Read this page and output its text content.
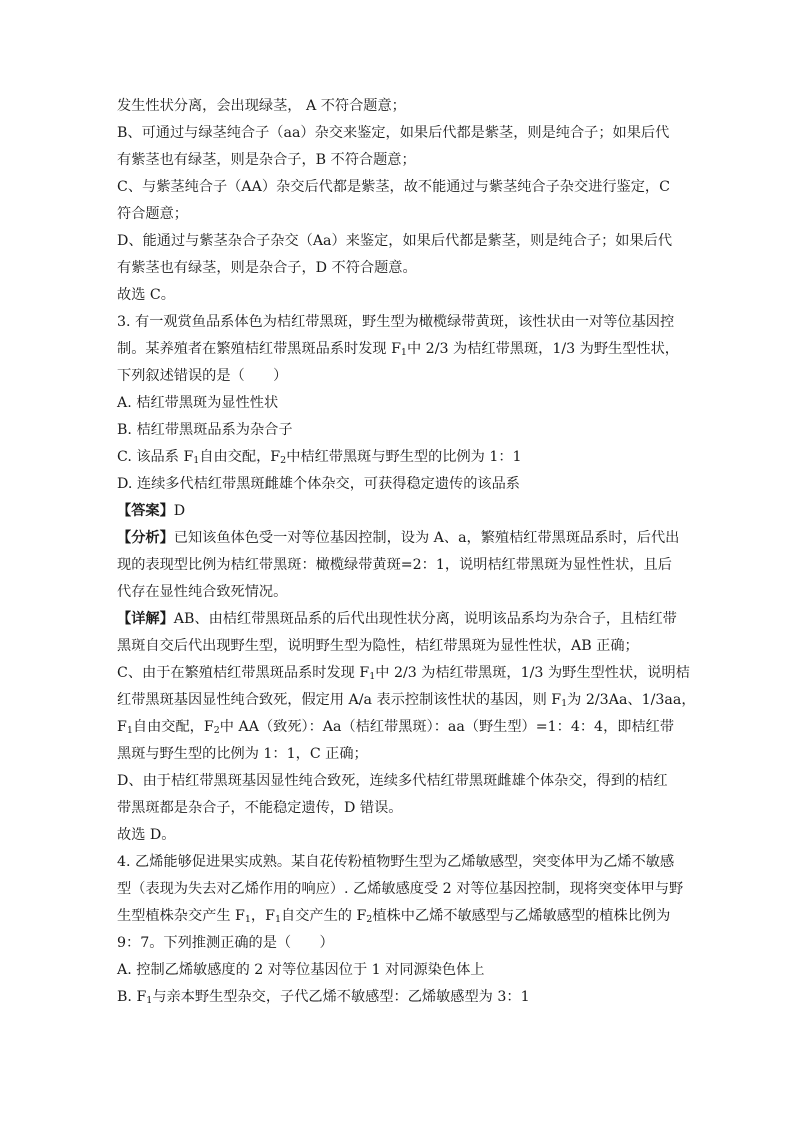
发生性状分离，会出现绿茎， A 不符合题意；
B、可通过与绿茎纯合子（aa）杂交来鉴定，如果后代都是紫茎，则是纯合子；如果后代
有紫茎也有绿茎，则是杂合子，B 不符合题意；
C、与紫茎纯合子（AA）杂交后代都是紫茎，故不能通过与紫茎纯合子杂交进行鉴定，C
符合题意；
D、能通过与紫茎杂合子杂交（Aa）来鉴定，如果后代都是紫茎，则是纯合子；如果后代
有紫茎也有绿茎，则是杂合子，D 不符合题意。
故选 C。
3. 有一观赏鱼品系体色为桔红带黑斑，野生型为橄榄绿带黄斑，该性状由一对等位基因控
制。某养殖者在繁殖桔红带黑斑品系时发现 $F_1$中 2/3 为桔红带黑斑，1/3 为野生型性状，
下列叙述错误的是（　　）
A. 桔红带黑斑为显性性状
B. 桔红带黑斑品系为杂合子
C. 该品系 $F_1$自由交配，$F_2$中桔红带黑斑与野生型的比例为 1：1
D. 连续多代桔红带黑斑雌雄个体杂交，可获得稳定遗传的该品系
【答案】D
【分析】已知该鱼体色受一对等位基因控制，设为 A、a，繁殖桔红带黑斑品系时，后代出
现的表现型比例为桔红带黑斑：橄榄绿带黄斑=2：1，说明桔红带黑斑为显性性状，且后
代存在显性纯合致死情况。
【详解】AB、由桔红带黑斑品系的后代出现性状分离，说明该品系均为杂合子，且桔红带
黑斑自交后代出现野生型，说明野生型为隐性，桔红带黑斑为显性性状，AB 正确；
C、由于在繁殖桔红带黑斑品系时发现 $F_1$中 2/3 为桔红带黑斑，1/3 为野生型性状，说明桔
红带黑斑基因显性纯合致死，假定用 A/a 表示控制该性状的基因，则 $F_1$为 2/3Aa、1/3aa，
$F_1$自由交配，$F_2$中 AA（致死）：Aa（桔红带黑斑）：aa（野生型）=1：4：4，即桔红带
黑斑与野生型的比例为 1：1，C 正确；
D、由于桔红带黑斑基因显性纯合致死，连续多代桔红带黑斑雌雄个体杂交，得到的桔红
带黑斑都是杂合子，不能稳定遗传，D 错误。
故选 D。
4. 乙烯能够促进果实成熟。某自花传粉植物野生型为乙烯敏感型，突变体甲为乙烯不敏感
型（表现为失去对乙烯作用的响应）. 乙烯敏感度受 2 对等位基因控制，现将突变体甲与野
生型植株杂交产生 $F_1$，$F_1$自交产生的 $F_2$植株中乙烯不敏感型与乙烯敏感型的植株比例为
9：7。下列推测正确的是（　　）
A. 控制乙烯敏感度的 2 对等位基因位于 1 对同源染色体上
B. $F_1$与亲本野生型杂交，子代乙烯不敏感型：乙烯敏感型为 3：1
